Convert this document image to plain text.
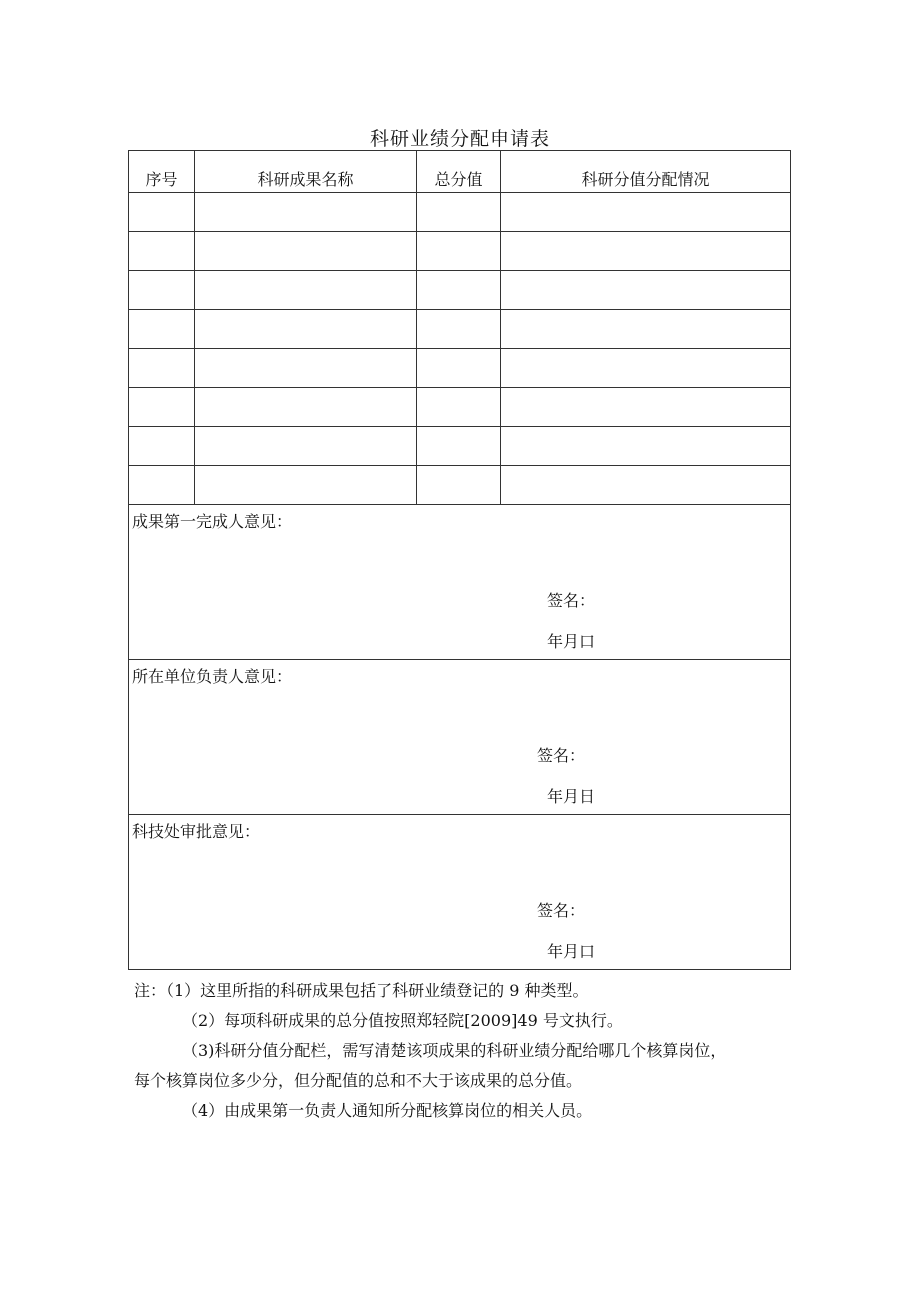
科研业绩分配申请表
序号	科研成果名称	总分值	科研分值分配情况

成果第一完成人意见：
签名：
年月口			

所在单位负责人意见：
签名：
年月日			

科技处审批意见：
签名：
年月口			

注：（1）这里所指的科研成果包括了科研业绩登记的 9 种类型。

（2）每项科研成果的总分值按照郑轻院[2009]49 号文执行。

（3)科研分值分配栏，需写清楚该项成果的科研业绩分配给哪几个核算岗位，

每个核算岗位多少分，但分配值的总和不大于该成果的总分值。

（4）由成果第一负责人通知所分配核算岗位的相关人员。
